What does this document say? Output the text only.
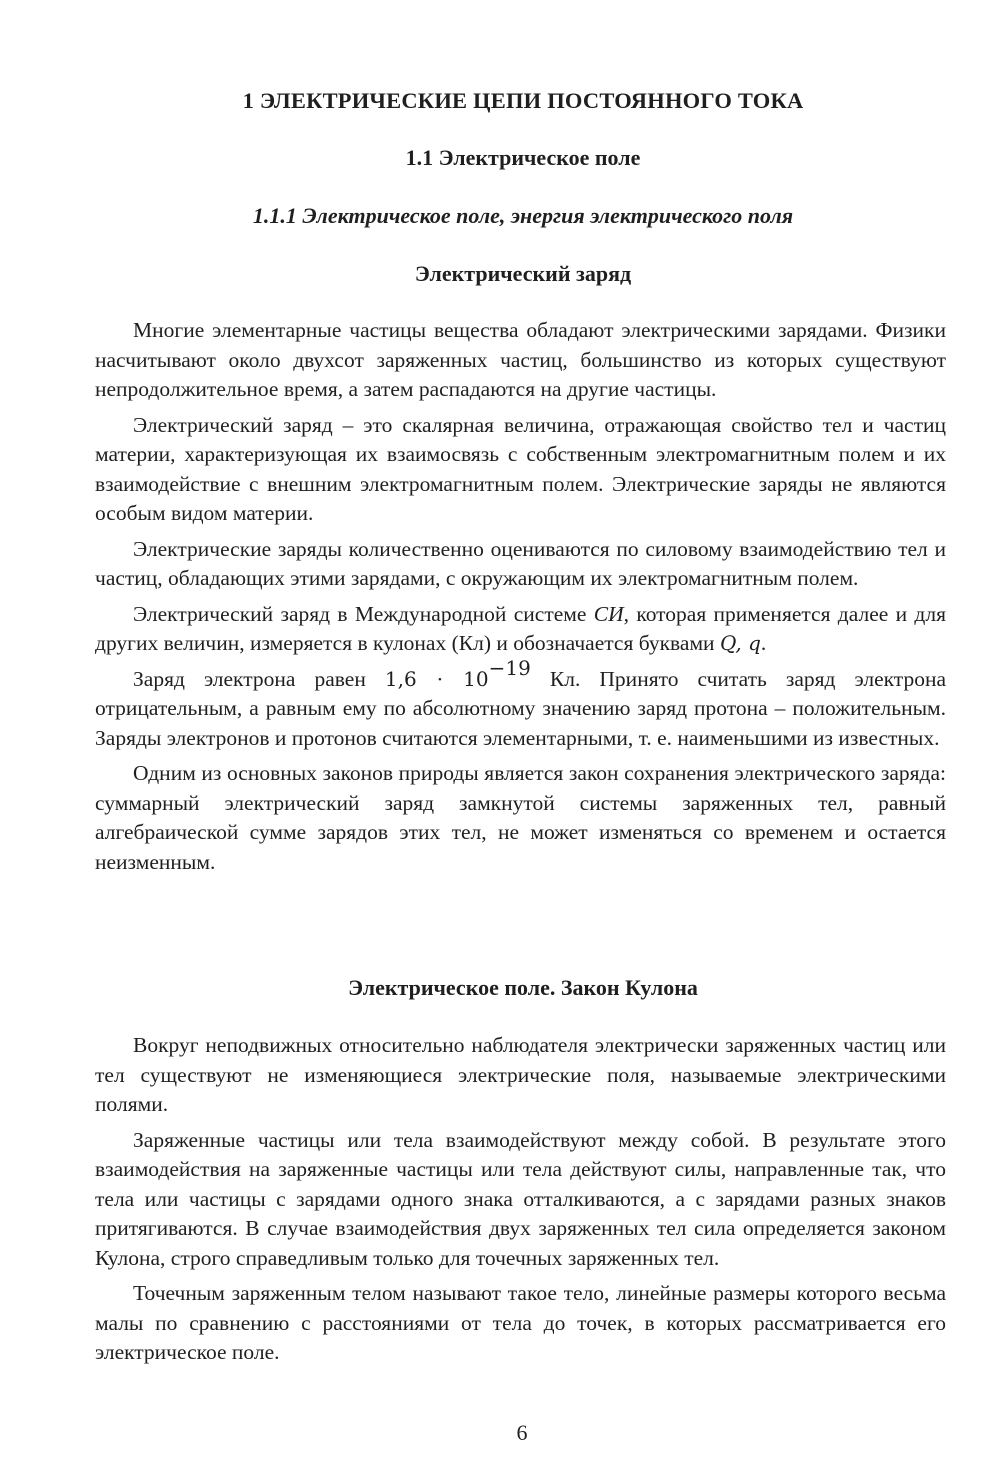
1 ЭЛЕКТРИЧЕСКИЕ ЦЕПИ ПОСТОЯННОГО ТОКА
1.1 Электрическое поле
1.1.1 Электрическое поле, энергия электрического поля
Электрический заряд

Многие элементарные частицы вещества обладают электрическими зарядами. Физики насчитывают около двухсот заряженных частиц, большинство из которых существуют непродолжительное время, а затем распадаются на другие частицы.

Электрический заряд – это скалярная величина, отражающая свойство тел и частиц материи, характеризующая их взаимосвязь с собственным электромагнитным полем и их взаимодействие с внешним электромагнитным полем. Электрические заряды не являются особым видом материи.

Электрические заряды количественно оцениваются по силовому взаимодействию тел и частиц, обладающих этими зарядами, с окружающим их электромагнитным полем.

Электрический заряд в Международной системе СИ, которая применяется далее и для других величин, измеряется в кулонах (Кл) и обозначается буквами Q, q.

Заряд электрона равен $1,6 \cdot 10^{-19}$ Кл. Принято считать заряд электрона отрицательным, а равным ему по абсолютному значению заряд протона – положительным. Заряды электронов и протонов считаются элементарными, т. е. наименьшими из известных.

Одним из основных законов природы является закон сохранения электрического заряда: суммарный электрический заряд замкнутой системы заряженных тел, равный алгебраической сумме зарядов этих тел, не может изменяться со временем и остается неизменным.

Электрическое поле. Закон Кулона

Вокруг неподвижных относительно наблюдателя электрически заряженных частиц или тел существуют не изменяющиеся электрические поля, называемые электрическими полями.

Заряженные частицы или тела взаимодействуют между собой. В результате этого взаимодействия на заряженные частицы или тела действуют силы, направленные так, что тела или частицы с зарядами одного знака отталкиваются, а с зарядами разных знаков притягиваются. В случае взаимодействия двух заряженных тел сила определяется законом Кулона, строго справедливым только для точечных заряженных тел.

Точечным заряженным телом называют такое тело, линейные размеры которого весьма малы по сравнению с расстояниями от тела до точек, в которых рассматривается его электрическое поле.

6
